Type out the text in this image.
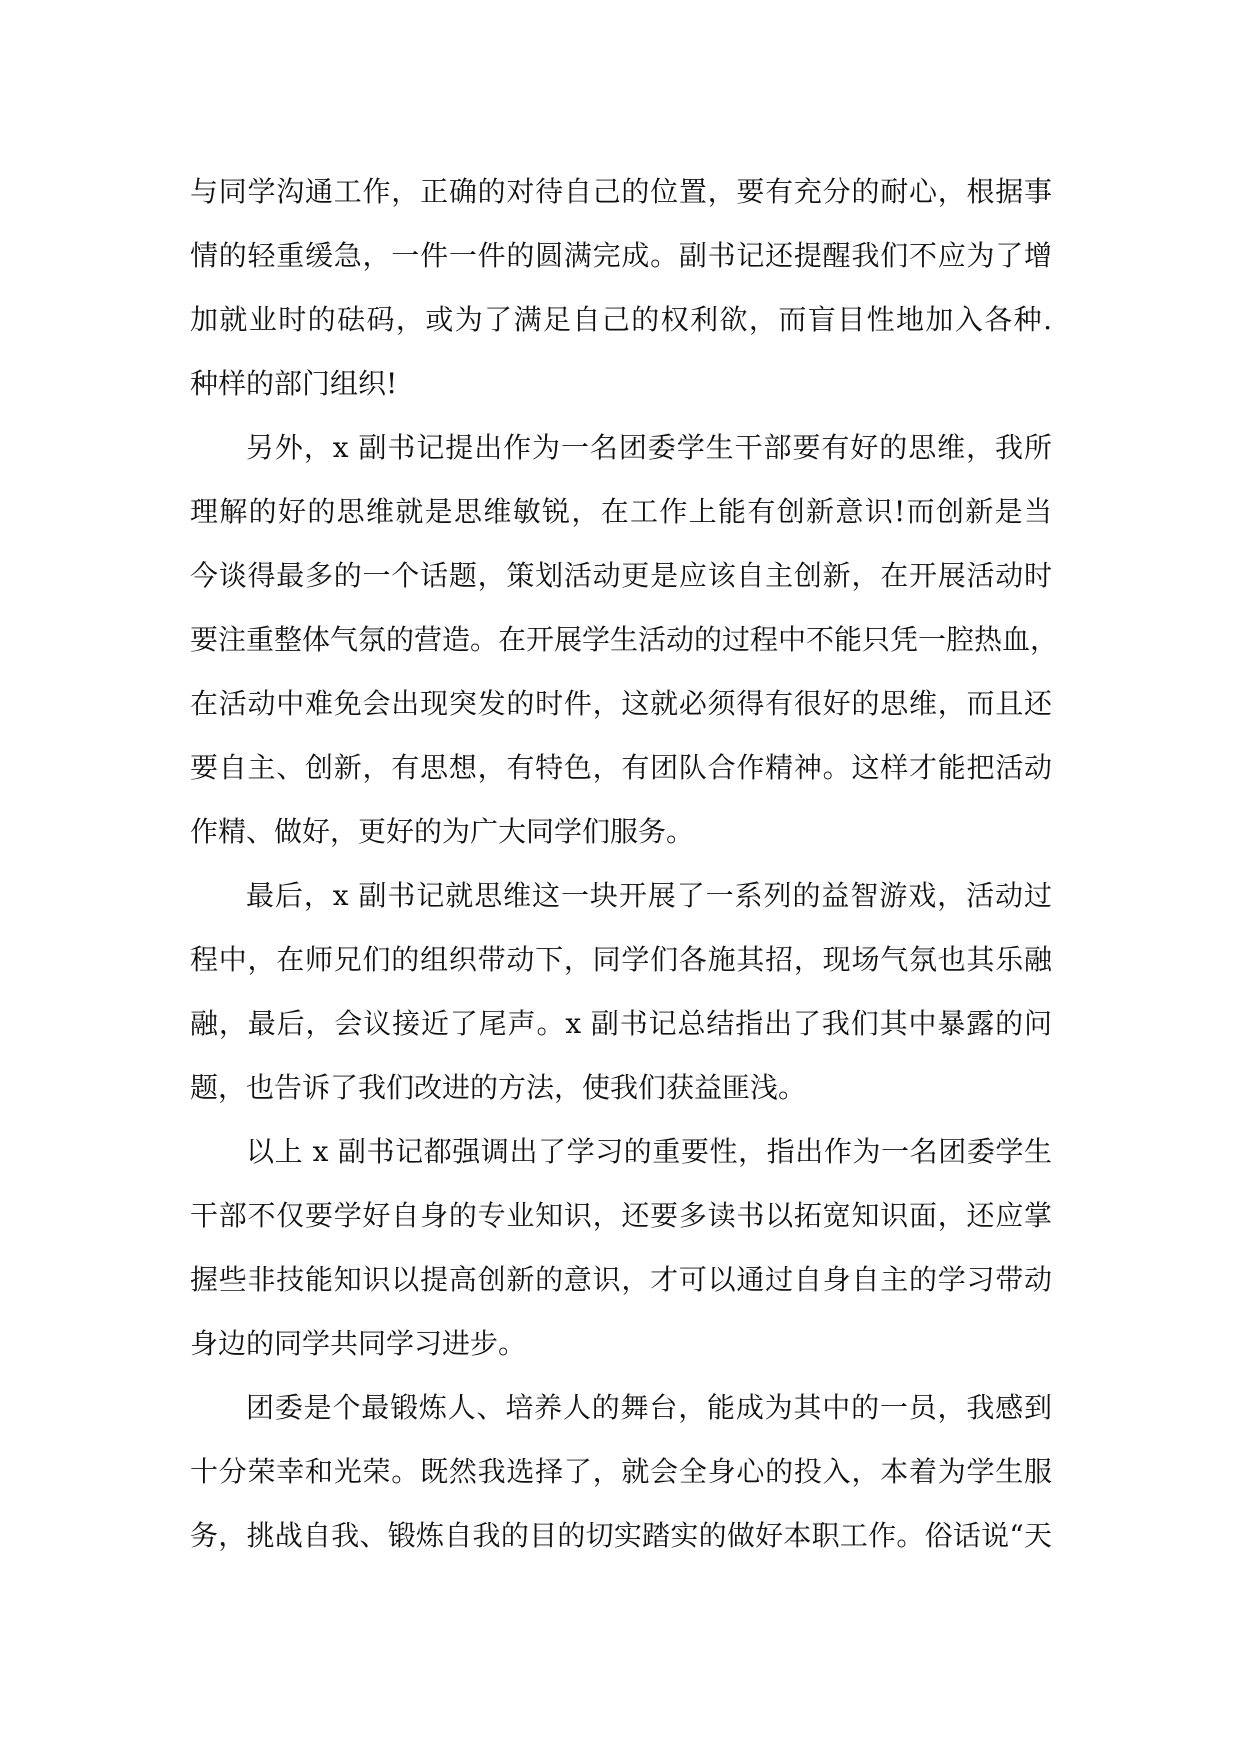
与同学沟通工作，正确的对待自己的位置，要有充分的耐心，根据事
情的轻重缓急，一件一件的圆满完成。副书记还提醒我们不应为了增
加就业时的砝码，或为了满足自己的权利欲，而盲目性地加入各种.
种样的部门组织!
另外，x 副书记提出作为一名团委学生干部要有好的思维，我所
理解的好的思维就是思维敏锐，在工作上能有创新意识!而创新是当
今谈得最多的一个话题，策划活动更是应该自主创新，在开展活动时
要注重整体气氛的营造。在开展学生活动的过程中不能只凭一腔热血，
在活动中难免会出现突发的时件，这就必须得有很好的思维，而且还
要自主、创新，有思想，有特色，有团队合作精神。这样才能把活动
作精、做好，更好的为广大同学们服务。
最后，x 副书记就思维这一块开展了一系列的益智游戏，活动过
程中，在师兄们的组织带动下，同学们各施其招，现场气氛也其乐融
融，最后，会议接近了尾声。x 副书记总结指出了我们其中暴露的问
题，也告诉了我们改进的方法，使我们获益匪浅。
以上 x 副书记都强调出了学习的重要性，指出作为一名团委学生
干部不仅要学好自身的专业知识，还要多读书以拓宽知识面，还应掌
握些非技能知识以提高创新的意识，才可以通过自身自主的学习带动
身边的同学共同学习进步。
团委是个最锻炼人、培养人的舞台，能成为其中的一员，我感到
十分荣幸和光荣。既然我选择了，就会全身心的投入，本着为学生服
务，挑战自我、锻炼自我的目的切实踏实的做好本职工作。俗话说“天
